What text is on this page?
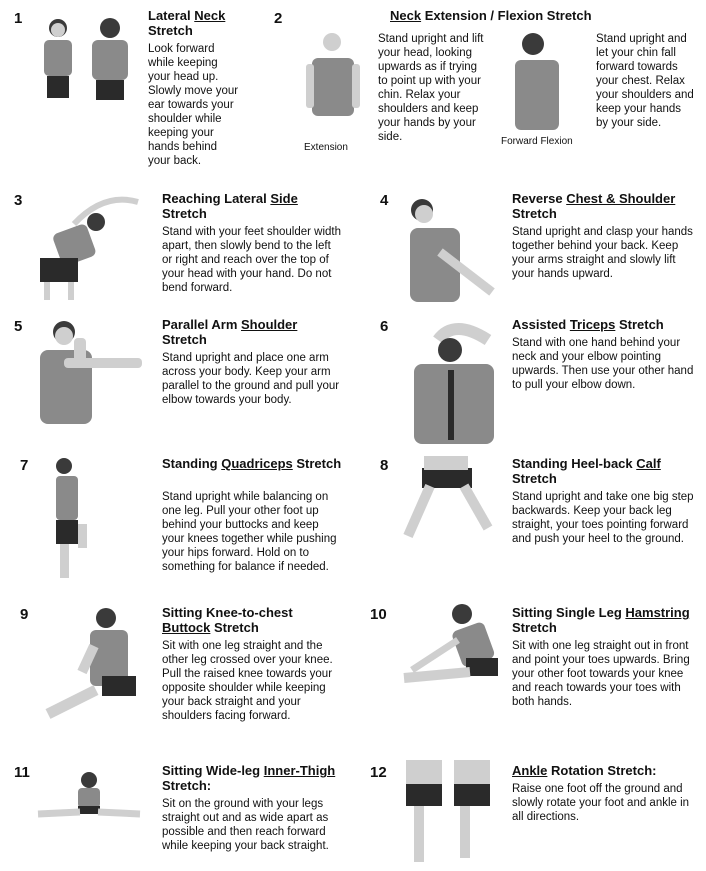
1	Lateral Neck Stretch
Look forward while keeping your head up. Slowly move your ear towards your shoulder while keeping your hands behind your back.
2	Neck Extension / Flexion Stretch
Extension
Stand upright and lift your head, looking upwards as if trying to point up with your chin. Relax your shoulders and keep your hands by your side.	Forward Flexion
Stand upright and let your chin fall forward towards your chest. Relax your shoulders and keep your hands by your side.
3	Reaching Lateral Side Stretch
Stand with your feet shoulder width apart, then slowly bend to the left or right and reach over the top of your head with your hand. Do not bend forward.
4	Reverse Chest & Shoulder Stretch
Stand upright and clasp your hands together behind your back. Keep your arms straight and slowly lift your hands upward.
5	Parallel Arm Shoulder Stretch
Stand upright and place one arm across your body. Keep your arm parallel to the ground and pull your elbow towards your body.
6	Assisted Triceps Stretch
Stand with one hand behind your neck and your elbow pointing upwards. Then use your other hand to pull your elbow down.
7	Standing Quadriceps Stretch
Stand upright while balancing on one leg. Pull your other foot up behind your buttocks and keep your knees together while pushing your hips forward. Hold on to something for balance if needed.
8	Standing Heel-back Calf Stretch
Stand upright and take one big step backwards. Keep your back leg straight, your toes pointing forward and push your heel to the ground.
9	Sitting Knee-to-chest Buttock Stretch
Sit with one leg straight and the other leg crossed over your knee. Pull the raised knee towards your opposite shoulder while keeping your back straight and your shoulders facing forward.
10	Sitting Single Leg Hamstring Stretch
Sit with one leg straight out in front and point your toes upwards. Bring your other foot towards your knee and reach towards your toes with both hands.
11	Sitting Wide-leg Inner-Thigh Stretch:
Sit on the ground with your legs straight out and as wide apart as possible and then reach forward while keeping your back straight.
12	Ankle Rotation Stretch:
Raise one foot off the ground and slowly rotate your foot and ankle in all directions.
